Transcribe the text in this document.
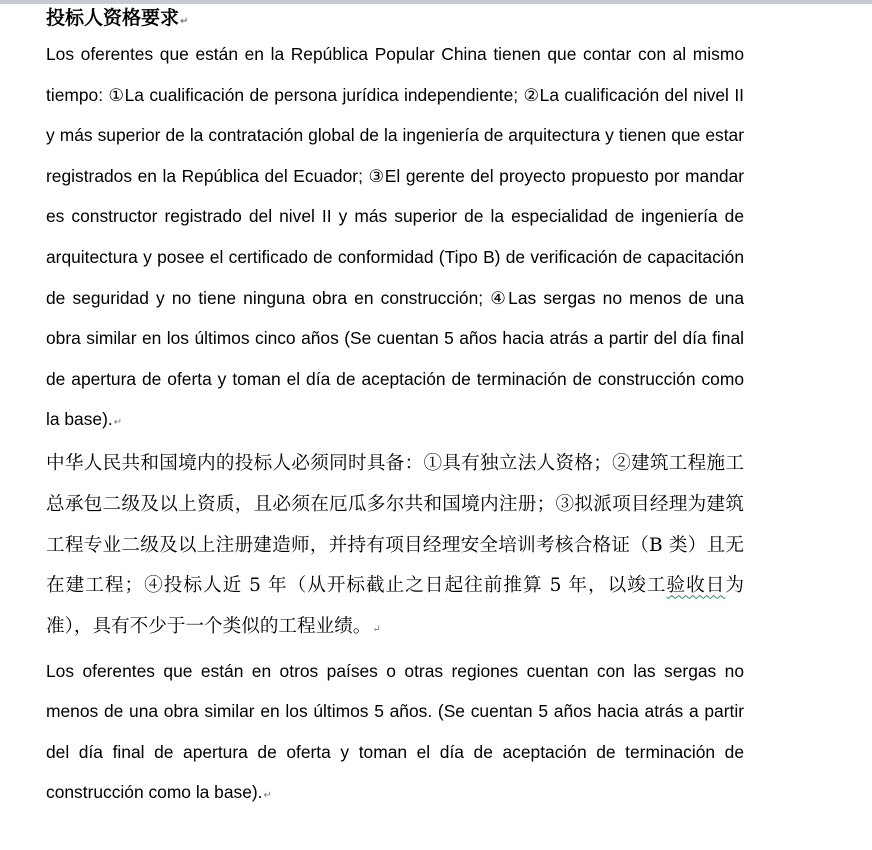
投标人资格要求↵

Los oferentes que están en la República Popular China tienen que contar con al mismo tiempo: ①La cualificación de persona jurídica independiente; ②La cualificación del nivel II y más superior de la contratación global de la ingeniería de arquitectura y tienen que estar registrados en la República del Ecuador; ③El gerente del proyecto propuesto por mandar es constructor registrado del nivel II y más superior de la especialidad de ingeniería de arquitectura y posee el certificado de conformidad (Tipo B) de verificación de capacitación de seguridad y no tiene ninguna obra en construcción; ④Las sergas no menos de una obra similar en los últimos cinco años (Se cuentan 5 años hacia atrás a partir del día final de apertura de oferta y toman el día de aceptación de terminación de construcción como la base).↵

中华人民共和国境内的投标人必须同时具备：①具有独立法人资格；②建筑工程施工总承包二级及以上资质，且必须在厄瓜多尔共和国境内注册；③拟派项目经理为建筑工程专业二级及以上注册建造师，并持有项目经理安全培训考核合格证（B 类）且无在建工程；④投标人近 5 年（从开标截止之日起往前推算 5 年，以竣工验收日为准），具有不少于一个类似的工程业绩。↵

Los oferentes que están en otros países o otras regiones cuentan con las sergas no menos de una obra similar en los últimos 5 años. (Se cuentan 5 años hacia atrás a partir del día final de apertura de oferta y toman el día de aceptación de terminación de construcción como la base).↵
